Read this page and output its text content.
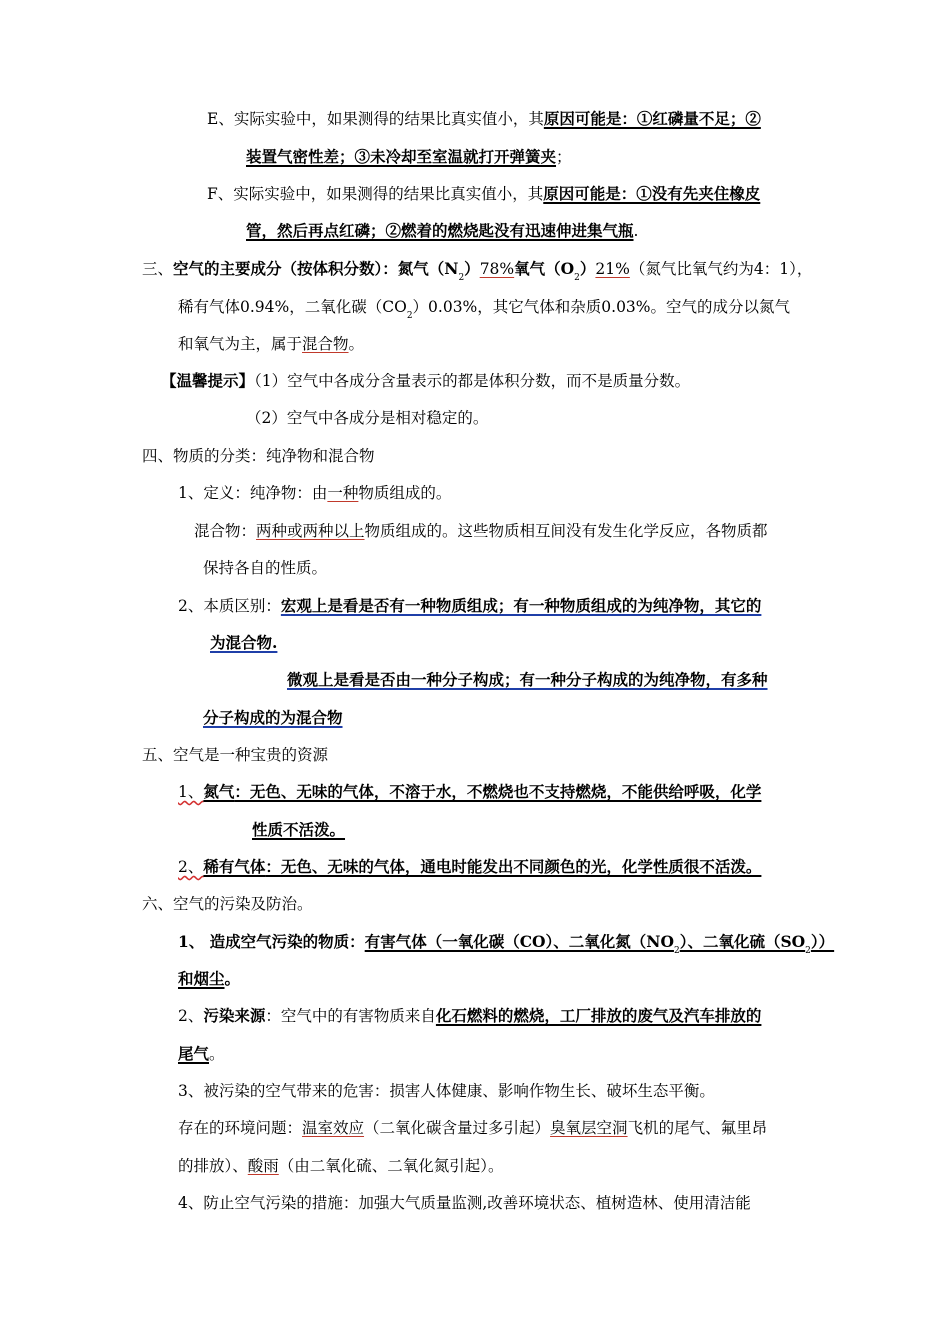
E、实际实验中，如果测得的结果比真实值小，其原因可能是：①红磷量不足；②
装置气密性差；③未冷却至室温就打开弹簧夹；
F、实际实验中，如果测得的结果比真实值小，其原因可能是：①没有先夹住橡皮
管，然后再点红磷；②燃着的燃烧匙没有迅速伸进集气瓶.
三、空气的主要成分（按体积分数）：氮气$(N_2)78\%$氧气$(O_2)21\%$（氮气比氧气约为4：1），
稀有气体0.94%，二氧化碳$(CO_2)0.03\%$，其它气体和杂质0.03%。空气的成分以氮气
和氧气为主，属于混合物。
【温馨提示】（1）空气中各成分含量表示的都是体积分数，而不是质量分数。
（2）空气中各成分是相对稳定的。
四、物质的分类：纯净物和混合物
1、定义：纯净物：由一种物质组成的。
混合物：两种或两种以上物质组成的。这些物质相互间没有发生化学反应，各物质都
保持各自的性质。
2、本质区别：宏观上是看是否有一种物质组成；有一种物质组成的为纯净物，其它的
为混合物.
微观上是看是否由一种分子构成；有一种分子构成的为纯净物，有多种
分子构成的为混合物
五、空气是一种宝贵的资源
1、氮气：无色、无味的气体，不溶于水，不燃烧也不支持燃烧，不能供给呼吸，化学
性质不活泼。
2、稀有气体：无色、无味的气体，通电时能发出不同颜色的光，化学性质很不活泼。
六、空气的污染及防治。
1、 造成空气污染的物质：有害气体（一氧化碳（CO）、二氧化氮$(NO_2)$、二氧化硫$(SO_2)$）
和烟尘。
2、污染来源：空气中的有害物质来自化石燃料的燃烧，工厂排放的废气及汽车排放的
尾气。
3、被污染的空气带来的危害：损害人体健康、影响作物生长、破坏生态平衡。
存在的环境问题：温室效应（二氧化碳含量过多引起）臭氧层空洞飞机的尾气、氟里昂
的排放）、酸雨（由二氧化硫、二氧化氮引起）。
4、防止空气污染的措施：加强大气质量监测,改善环境状态、植树造林、使用清洁能
